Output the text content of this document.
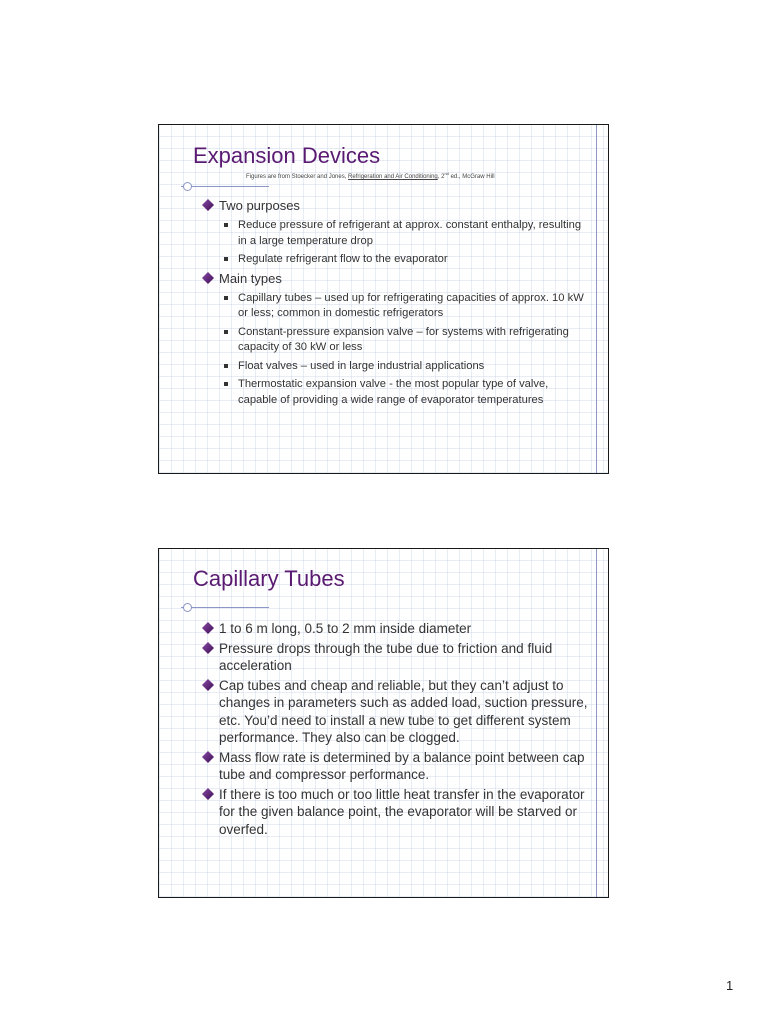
Expansion Devices
Figures are from Stoecker and Jones, Refrigeration and Air Conditioning, 2nd ed., McGraw Hill
Two purposes
Reduce pressure of refrigerant at approx. constant enthalpy, resulting in a large temperature drop
Regulate refrigerant flow to the evaporator
Main types
Capillary tubes – used up for refrigerating capacities of approx. 10 kW or less; common in domestic refrigerators
Constant-pressure expansion valve – for systems with refrigerating capacity of 30 kW or less
Float valves – used in large industrial applications
Thermostatic expansion valve - the most popular type of valve, capable of providing a wide range of evaporator temperatures
Capillary Tubes
1 to 6 m long, 0.5 to 2 mm inside diameter
Pressure drops through the tube due to friction and fluid acceleration
Cap tubes and cheap and reliable, but they can’t adjust to changes in parameters such as added load, suction pressure, etc. You’d need to install a new tube to get different system performance. They also can be clogged.
Mass flow rate is determined by a balance point between cap tube and compressor performance.
If there is too much or too little heat transfer in the evaporator for the given balance point, the evaporator will be starved or overfed.
1
